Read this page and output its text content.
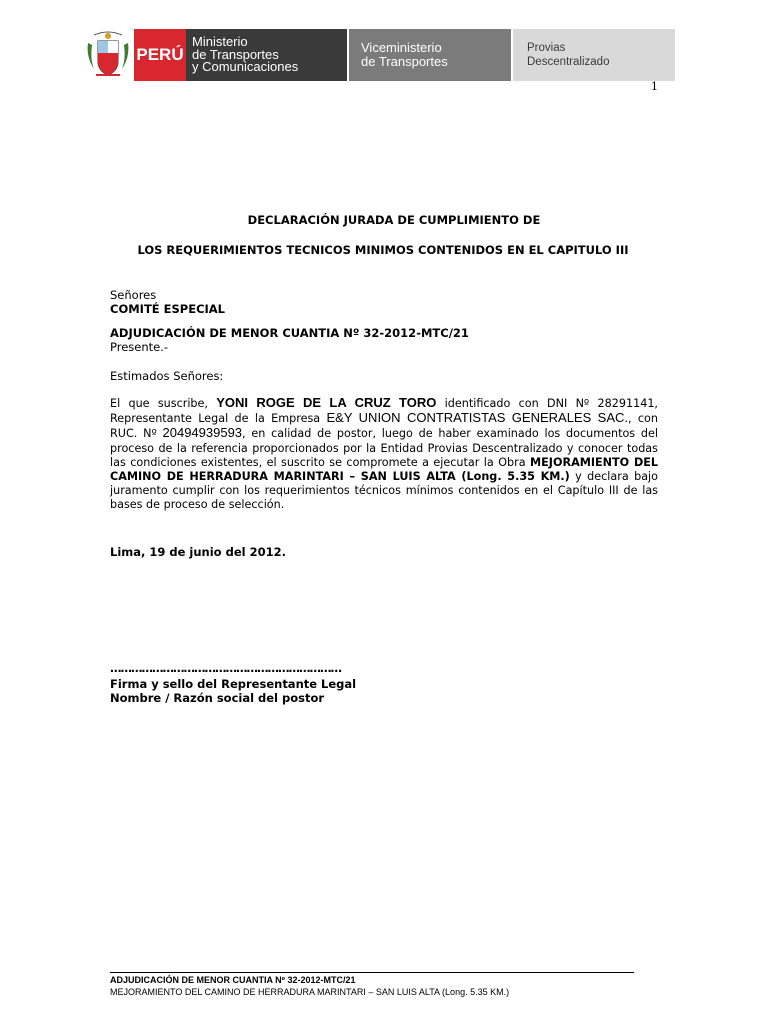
PERÚ
Ministerio
de Transportes
y Comunicaciones
Viceministerio
de Transportes
Provias
Descentralizado
1
DECLARACIÓN JURADA DE CUMPLIMIENTO DE
LOS REQUERIMIENTOS TECNICOS MINIMOS CONTENIDOS EN EL CAPITULO III
Señores
COMITÉ ESPECIAL
ADJUDICACIÓN DE MENOR CUANTIA Nº 32-2012-MTC/21
Presente.-
Estimados Señores:
El que suscribe, YONI ROGE DE LA CRUZ TORO identificado con DNI Nº 28291141, Representante Legal de la Empresa E&Y UNION CONTRATISTAS GENERALES SAC., con RUC. Nº 20494939593, en calidad de postor, luego de haber examinado los documentos del proceso de la referencia proporcionados por la Entidad Provias Descentralizado y conocer todas las condiciones existentes, el suscrito se compromete a ejecutar la Obra MEJORAMIENTO DEL CAMINO DE HERRADURA MARINTARI – SAN LUIS ALTA (Long. 5.35 KM.) y declara bajo juramento cumplir con los requerimientos técnicos mínimos contenidos en el Capítulo III de las bases de proceso de selección.
Lima, 19 de junio del 2012.
…………………………………………………………
Firma y sello del Representante Legal
Nombre / Razón social del postor
ADJUDICACIÓN DE MENOR CUANTIA Nº 32-2012-MTC/21
MEJORAMIENTO DEL CAMINO DE HERRADURA MARINTARI – SAN LUIS ALTA (Long. 5.35 KM.)
